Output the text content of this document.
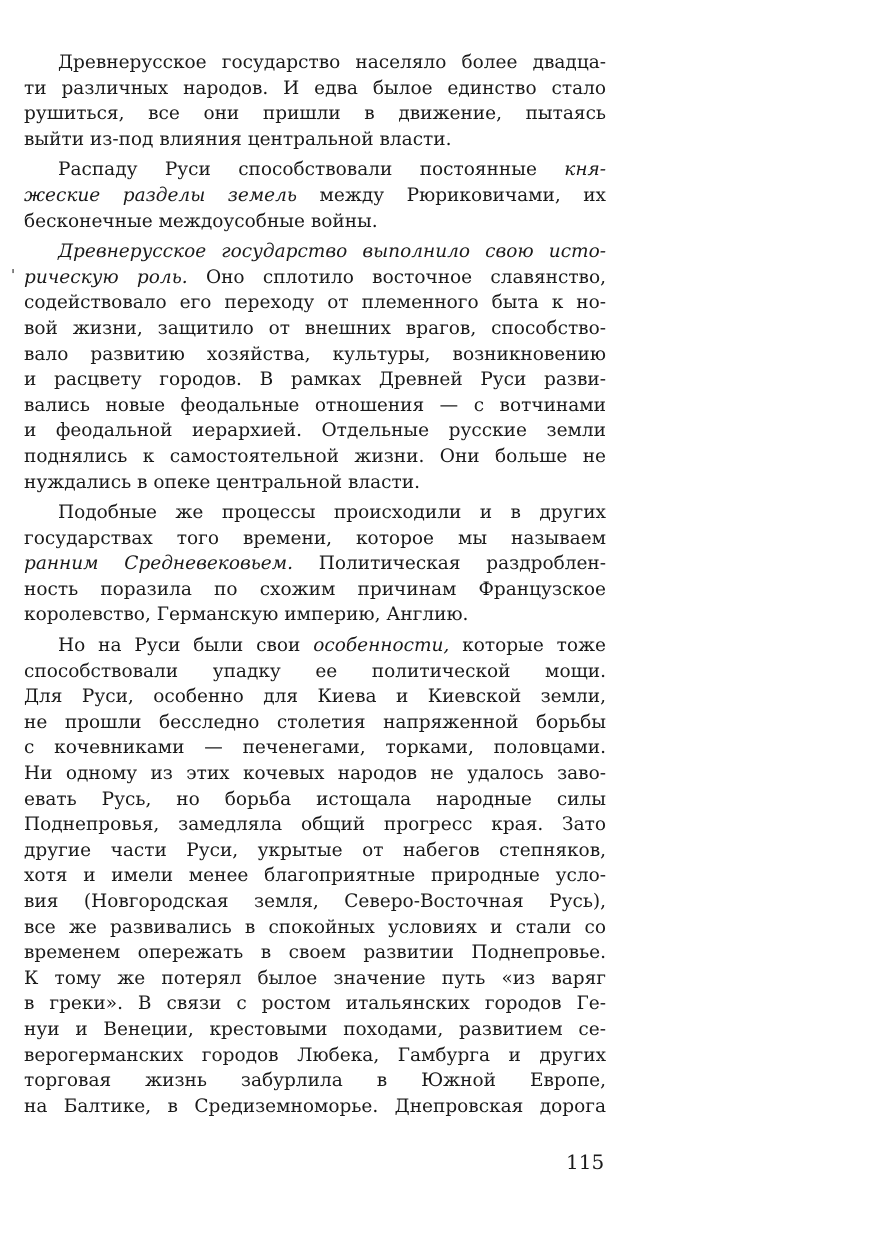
'
Древнерусское государство населяло более двадца-
ти различных народов. И едва былое единство стало
рушиться, все они пришли в движение, пытаясь
выйти из-под влияния центральной власти.
Распаду Руси способствовали постоянные кня-
жеские разделы земель между Рюриковичами, их
бесконечные междоусобные войны.
Древнерусское государство выполнило свою исто-
рическую роль. Оно сплотило восточное славянство,
содействовало его переходу от племенного быта к но-
вой жизни, защитило от внешних врагов, способство-
вало развитию хозяйства, культуры, возникновению
и расцвету городов. В рамках Древней Руси разви-
вались новые феодальные отношения — с вотчинами
и феодальной иерархией. Отдельные русские земли
поднялись к самостоятельной жизни. Они больше не
нуждались в опеке центральной власти.
Подобные же процессы происходили и в других
государствах того времени, которое мы называем
ранним Средневековьем. Политическая раздроблен-
ность поразила по схожим причинам Французское
королевство, Германскую империю, Англию.
Но на Руси были свои особенности, которые тоже
способствовали упадку ее политической мощи.
Для Руси, особенно для Киева и Киевской земли,
не прошли бесследно столетия напряженной борьбы
с кочевниками — печенегами, торками, половцами.
Ни одному из этих кочевых народов не удалось заво-
евать Русь, но борьба истощала народные силы
Поднепровья, замедляла общий прогресс края. Зато
другие части Руси, укрытые от набегов степняков,
хотя и имели менее благоприятные природные усло-
вия (Новгородская земля, Северо-Восточная Русь),
все же развивались в спокойных условиях и стали со
временем опережать в своем развитии Поднепровье.
К тому же потерял былое значение путь «из варяг
в греки». В связи с ростом итальянских городов Ге-
нуи и Венеции, крестовыми походами, развитием се-
верогерманских городов Любека, Гамбурга и других
торговая жизнь забурлила в Южной Европе,
на Балтике, в Средиземноморье. Днепровская дорога
115
